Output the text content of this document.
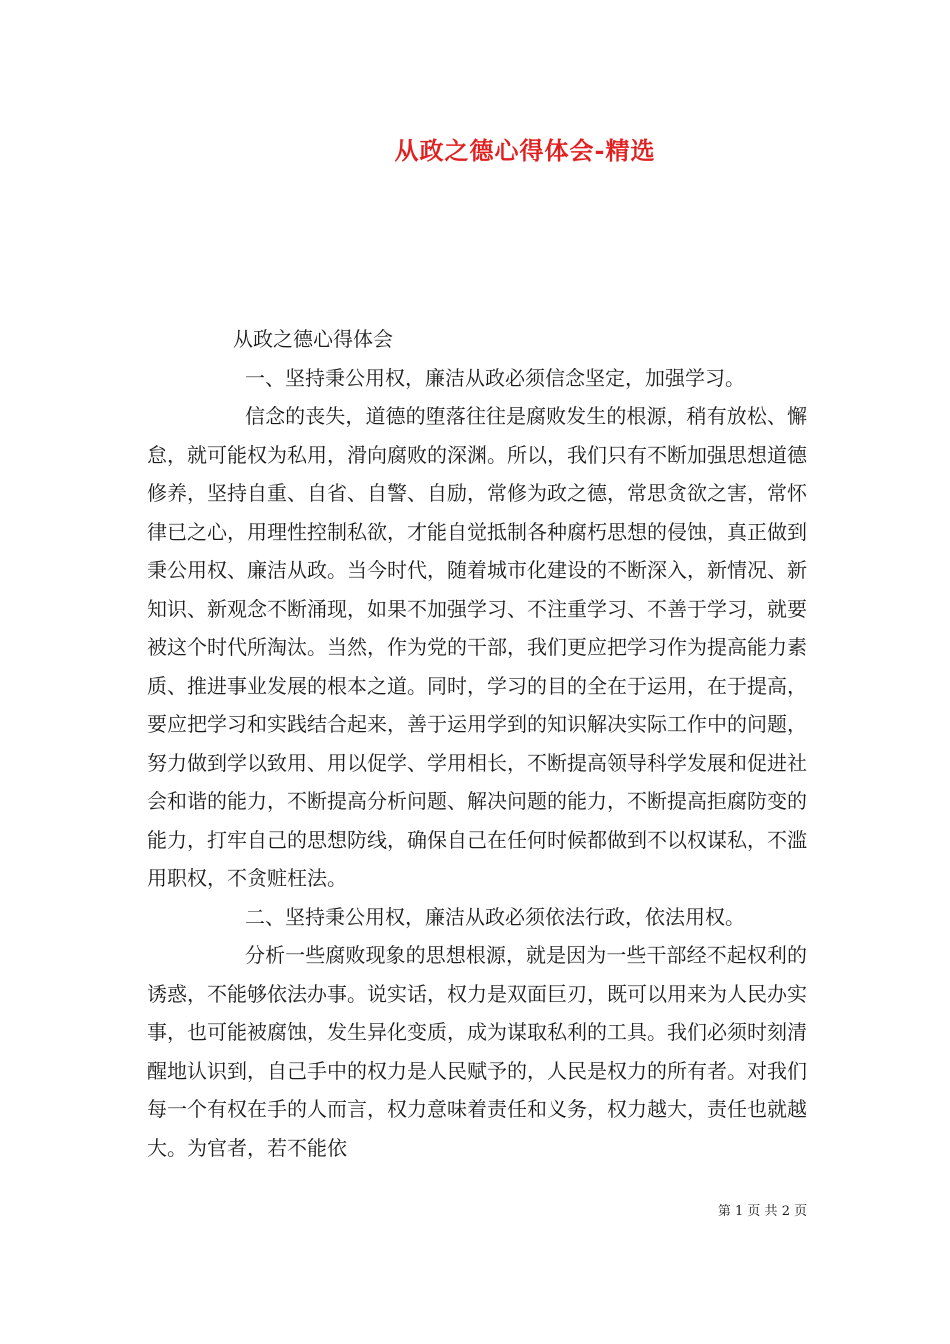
从政之德心得体会-精选

从政之德心得体会

一、坚持秉公用权，廉洁从政必须信念坚定，加强学习。

信念的丧失，道德的堕落往往是腐败发生的根源，稍有放松、懈怠，就可能权为私用，滑向腐败的深渊。所以，我们只有不断加强思想道德修养，坚持自重、自省、自警、自励，常修为政之德，常思贪欲之害，常怀律已之心，用理性控制私欲，才能自觉抵制各种腐朽思想的侵蚀，真正做到秉公用权、廉洁从政。当今时代，随着城市化建设的不断深入，新情况、新知识、新观念不断涌现，如果不加强学习、不注重学习、不善于学习，就要被这个时代所淘汰。当然，作为党的干部，我们更应把学习作为提高能力素质、推进事业发展的根本之道。同时，学习的目的全在于运用，在于提高，要应把学习和实践结合起来，善于运用学到的知识解决实际工作中的问题，努力做到学以致用、用以促学、学用相长，不断提高领导科学发展和促进社会和谐的能力，不断提高分析问题、解决问题的能力，不断提高拒腐防变的能力，打牢自己的思想防线，确保自己在任何时候都做到不以权谋私，不滥用职权，不贪赃枉法。

二、坚持秉公用权，廉洁从政必须依法行政，依法用权。

分析一些腐败现象的思想根源，就是因为一些干部经不起权利的诱惑，不能够依法办事。说实话，权力是双面巨刃，既可以用来为人民办实事，也可能被腐蚀，发生异化变质，成为谋取私利的工具。我们必须时刻清醒地认识到，自己手中的权力是人民赋予的，人民是权力的所有者。对我们每一个有权在手的人而言，权力意味着责任和义务，权力越大，责任也就越大。为官者，若不能依

第 1 页 共 2 页
